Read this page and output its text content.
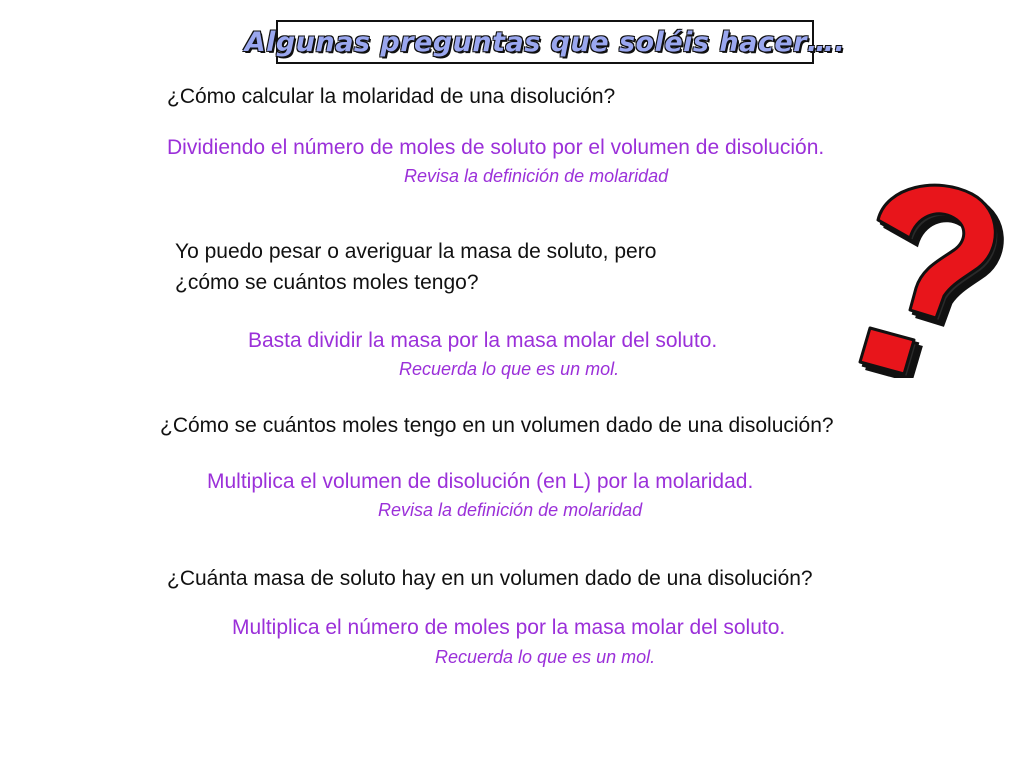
Algunas preguntas que soléis hacer….
¿Cómo calcular la molaridad de una disolución?
Dividiendo el número de moles de soluto por el volumen de disolución.
Revisa la definición de molaridad
Yo puedo pesar o averiguar la masa de soluto, pero
¿cómo se cuántos moles tengo?
Basta dividir la masa por la masa molar del soluto.
Recuerda lo que es un mol.
¿Cómo se cuántos moles tengo en un volumen dado de una disolución?
Multiplica el volumen de disolución (en L) por la molaridad.
Revisa la definición de molaridad
¿Cuánta masa de soluto hay en un volumen dado de una disolución?
Multiplica el número de moles por la masa molar del soluto.
Recuerda lo que es un mol.
